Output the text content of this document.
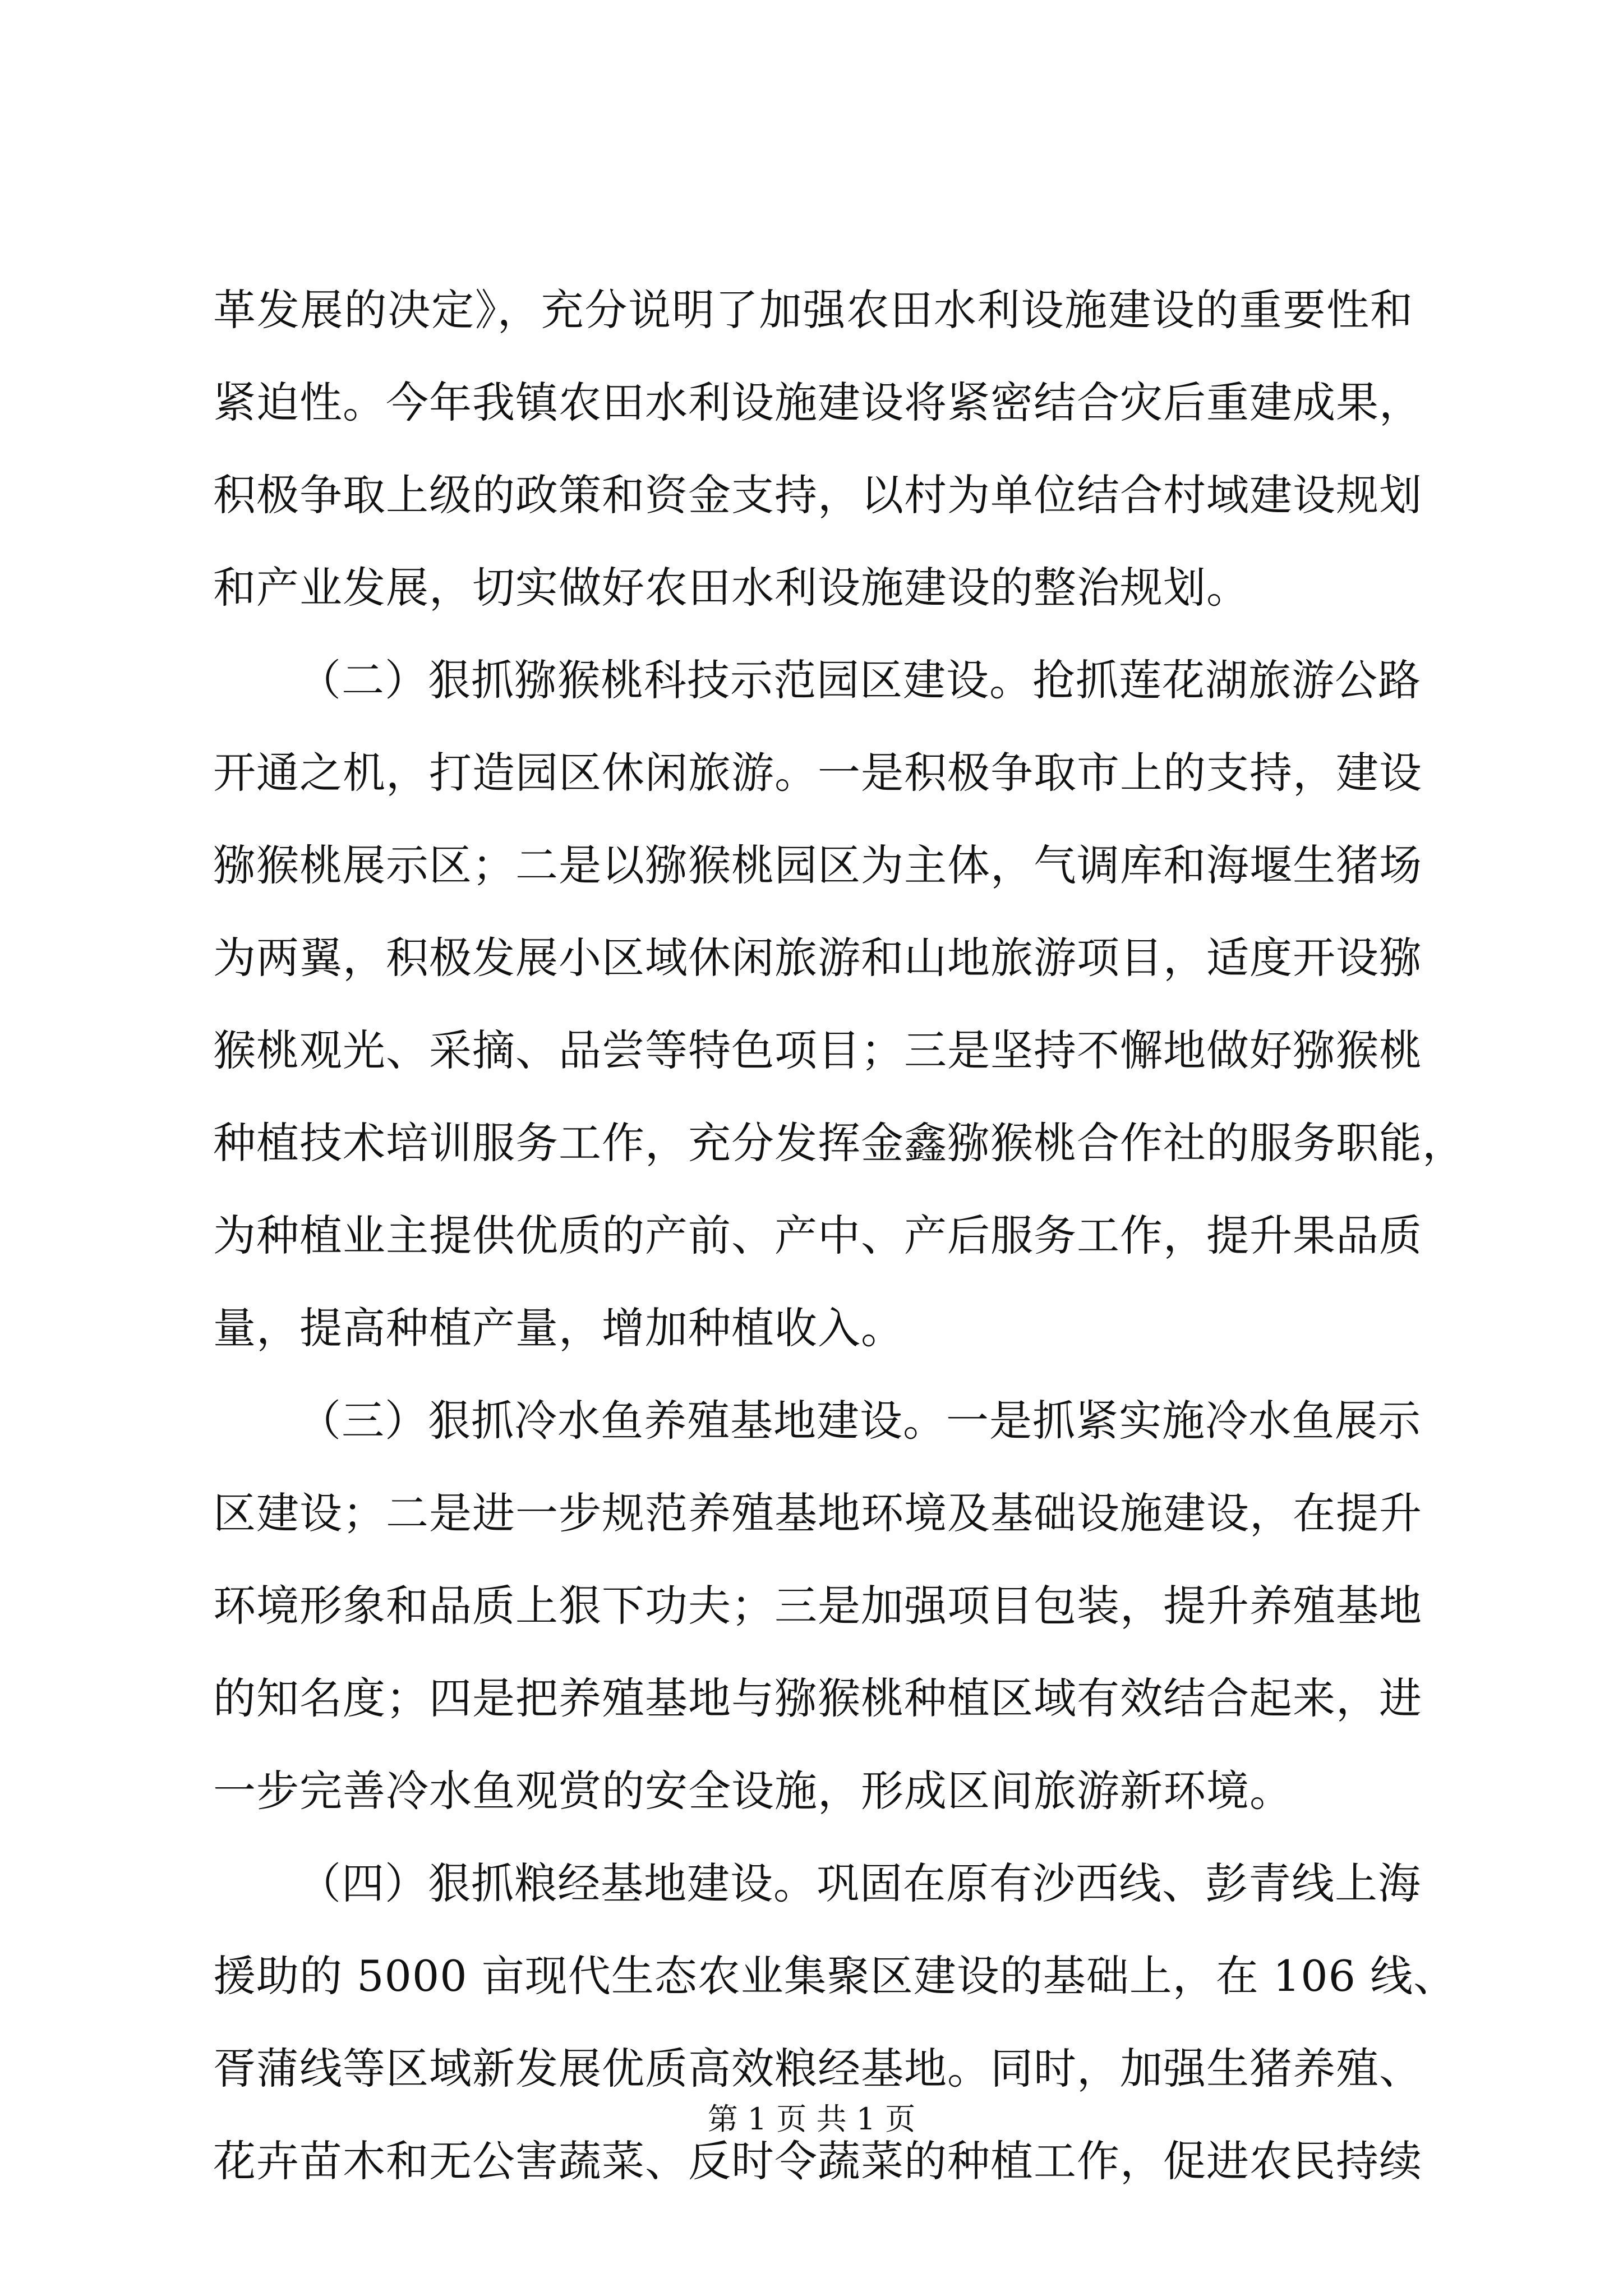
革发展的决定》，充分说明了加强农田水利设施建设的重要性和
紧迫性。今年我镇农田水利设施建设将紧密结合灾后重建成果，
积极争取上级的政策和资金支持，以村为单位结合村域建设规划
和产业发展，切实做好农田水利设施建设的整治规划。
（二）狠抓猕猴桃科技示范园区建设。抢抓莲花湖旅游公路
开通之机，打造园区休闲旅游。一是积极争取市上的支持，建设
猕猴桃展示区；二是以猕猴桃园区为主体，气调库和海堰生猪场
为两翼，积极发展小区域休闲旅游和山地旅游项目，适度开设猕
猴桃观光、采摘、品尝等特色项目；三是坚持不懈地做好猕猴桃
种植技术培训服务工作，充分发挥金鑫猕猴桃合作社的服务职能，
为种植业主提供优质的产前、产中、产后服务工作，提升果品质
量，提高种植产量，增加种植收入。
（三）狠抓冷水鱼养殖基地建设。一是抓紧实施冷水鱼展示
区建设；二是进一步规范养殖基地环境及基础设施建设，在提升
环境形象和品质上狠下功夫；三是加强项目包装，提升养殖基地
的知名度；四是把养殖基地与猕猴桃种植区域有效结合起来，进
一步完善冷水鱼观赏的安全设施，形成区间旅游新环境。
（四）狠抓粮经基地建设。巩固在原有沙西线、彭青线上海
援助的 5000 亩现代生态农业集聚区建设的基础上，在 106 线、
胥蒲线等区域新发展优质高效粮经基地。同时，加强生猪养殖、
花卉苗木和无公害蔬菜、反时令蔬菜的种植工作，促进农民持续
第 1 页 共 1 页
